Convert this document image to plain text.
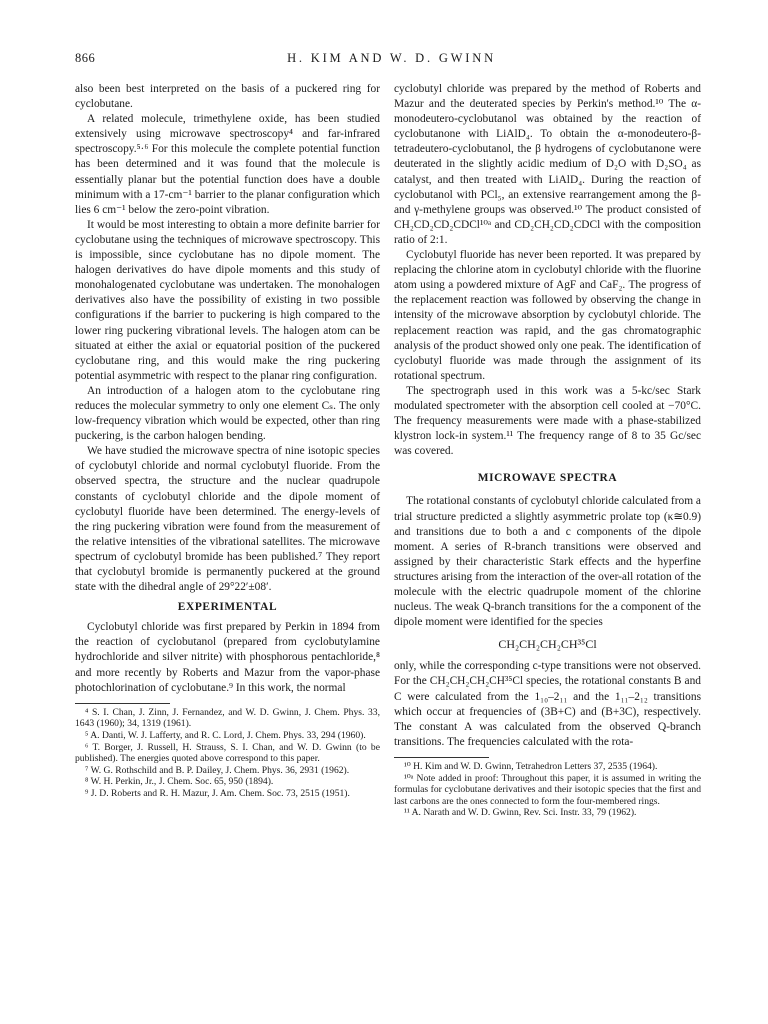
866	H. KIM AND W. D. GWINN

also been best interpreted on the basis of a puckered ring for cyclobutane.

A related molecule, trimethylene oxide, has been studied extensively using microwave spectroscopy⁴ and far-infrared spectroscopy.⁵·⁶ For this molecule the complete potential function has been determined and it was found that the molecule is essentially planar but the potential function does have a double minimum with a 17-cm⁻¹ barrier to the planar configuration which lies 6 cm⁻¹ below the zero-point vibration.

It would be most interesting to obtain a more definite barrier for cyclobutane using the techniques of microwave spectroscopy. This is impossible, since cyclobutane has no dipole moment. The halogen derivatives do have dipole moments and this study of monohalogenated cyclobutane was undertaken. The monohalogen derivatives also have the possibility of existing in two possible configurations if the barrier to puckering is high compared to the lower ring puckering vibrational levels. The halogen atom can be situated at either the axial or equatorial position of the puckered cyclobutane ring, and this would make the ring puckering potential asymmetric with respect to the planar ring configuration.

An introduction of a halogen atom to the cyclobutane ring reduces the molecular symmetry to only one element Cₛ. The only low-frequency vibration which would be expected, other than ring puckering, is the carbon halogen bending.

We have studied the microwave spectra of nine isotopic species of cyclobutyl chloride and normal cyclobutyl fluoride. From the observed spectra, the structure and the nuclear quadrupole constants of cyclobutyl chloride and the dipole moment of cyclobutyl fluoride have been determined. The energy-levels of the ring puckering vibration were found from the measurement of the relative intensities of the vibrational satellites. The microwave spectrum of cyclobutyl bromide has been published.⁷ They report that cyclobutyl bromide is permanently puckered at the ground state with the dihedral angle of 29°22′±08′.

EXPERIMENTAL

Cyclobutyl chloride was first prepared by Perkin in 1894 from the reaction of cyclobutanol (prepared from cyclobutylamine hydrochloride and silver nitrite) with phosphorous pentachloride,⁸ and more recently by Roberts and Mazur from the vapor-phase photochlorination of cyclobutane.⁹ In this work, the normal

⁴ S. I. Chan, J. Zinn, J. Fernandez, and W. D. Gwinn, J. Chem. Phys. 33, 1643 (1960); 34, 1319 (1961).

⁵ A. Danti, W. J. Lafferty, and R. C. Lord, J. Chem. Phys. 33, 294 (1960).

⁶ T. Borger, J. Russell, H. Strauss, S. I. Chan, and W. D. Gwinn (to be published). The energies quoted above correspond to this paper.

⁷ W. G. Rothschild and B. P. Dailey, J. Chem. Phys. 36, 2931 (1962).

⁸ W. H. Perkin, Jr., J. Chem. Soc. 65, 950 (1894).

⁹ J. D. Roberts and R. H. Mazur, J. Am. Chem. Soc. 73, 2515 (1951).

cyclobutyl chloride was prepared by the method of Roberts and Mazur and the deuterated species by Perkin's method.¹⁰ The α-monodeutero-cyclobutanol was obtained by the reaction of cyclobutanone with LiAlD₄. To obtain the α-monodeutero-β-tetradeutero-cyclobutanol, the β hydrogens of cyclobutanone were deuterated in the slightly acidic medium of D₂O with D₂SO₄ as catalyst, and then treated with LiAlD₄. During the reaction of cyclobutanol with PCl₅, an extensive rearrangement among the β- and γ-methylene groups was observed.¹⁰ The product consisted of CH₂CD₂CD₂CDCl¹⁰ᵃ and CD₂CH₂CD₂CDCl with the composition ratio of 2:1.

Cyclobutyl fluoride has never been reported. It was prepared by replacing the chlorine atom in cyclobutyl chloride with the fluorine atom using a powdered mixture of AgF and CaF₂. The progress of the replacement reaction was followed by observing the change in intensity of the microwave absorption by cyclobutyl chloride. The replacement reaction was rapid, and the gas chromatographic analysis of the product showed only one peak. The identification of cyclobutyl fluoride was made through the assignment of its rotational spectrum.

The spectrograph used in this work was a 5-kc/sec Stark modulated spectrometer with the absorption cell cooled at −70°C. The frequency measurements were made with a phase-stabilized klystron lock-in system.¹¹ The frequency range of 8 to 35 Gc/sec was covered.

MICROWAVE SPECTRA

The rotational constants of cyclobutyl chloride calculated from a trial structure predicted a slightly asymmetric prolate top (κ≅0.9) and transitions due to both a and c components of the dipole moment. A series of R-branch transitions were observed and assigned by their characteristic Stark effects and the hyperfine structures arising from the interaction of the over-all rotation of the molecule with the electric quadrupole moment of the chlorine nucleus. The weak Q-branch transitions for the a component of the dipole moment were identified for the species

CH₂CH₂CH₂CH³⁵Cl

only, while the corresponding c-type transitions were not observed. For the CH₂CH₂CH₂CH³⁵Cl species, the rotational constants B and C were calculated from the 1₁₀–2₁₁ and the 1₁₁–2₁₂ transitions which occur at frequencies of (3B+C) and (B+3C), respectively. The constant A was calculated from the observed Q-branch transitions. The frequencies calculated with the rota-

¹⁰ H. Kim and W. D. Gwinn, Tetrahedron Letters 37, 2535 (1964).

¹⁰ᵃ Note added in proof: Throughout this paper, it is assumed in writing the formulas for cyclobutane derivatives and their isotopic species that the first and last carbons are the ones connected to form the four-membered rings.

¹¹ A. Narath and W. D. Gwinn, Rev. Sci. Instr. 33, 79 (1962).
